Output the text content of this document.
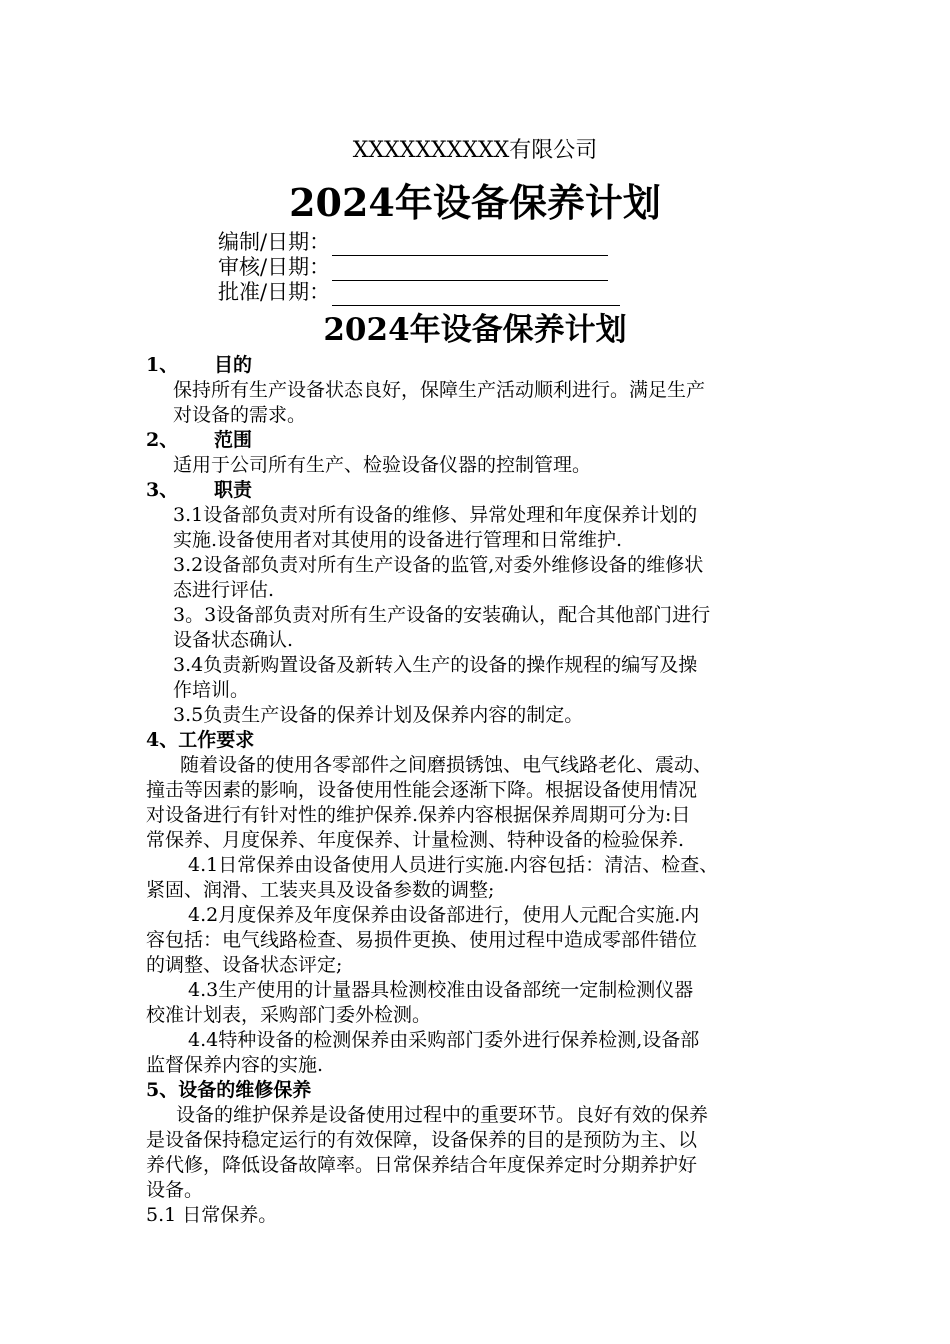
XXXXXXXXXX有限公司
2024年设备保养计划
编制/日期：
审核/日期：
批准/日期：
2024年设备保养计划
1、 目的
保持所有生产设备状态良好，保障生产活动顺利进行。满足生产
对设备的需求。
2、 范围
适用于公司所有生产、检验设备仪器的控制管理。
3、 职责
3.1设备部负责对所有设备的维修、异常处理和年度保养计划的
实施.设备使用者对其使用的设备进行管理和日常维护.
3.2设备部负责对所有生产设备的监管,对委外维修设备的维修状
态进行评估.
3。3设备部负责对所有生产设备的安装确认，配合其他部门进行
设备状态确认.
3.4负责新购置设备及新转入生产的设备的操作规程的编写及操
作培训。
3.5负责生产设备的保养计划及保养内容的制定。
4、工作要求
随着设备的使用各零部件之间磨损锈蚀、电气线路老化、震动、
撞击等因素的影响，设备使用性能会逐渐下降。根据设备使用情况
对设备进行有针对性的维护保养.保养内容根据保养周期可分为:日
常保养、月度保养、年度保养、计量检测、特种设备的检验保养.
4.1日常保养由设备使用人员进行实施.内容包括：清洁、检查、
紧固、润滑、工装夹具及设备参数的调整;
4.2月度保养及年度保养由设备部进行，使用人元配合实施.内
容包括：电气线路检查、易损件更换、使用过程中造成零部件错位
的调整、设备状态评定;
4.3生产使用的计量器具检测校准由设备部统一定制检测仪器
校准计划表，采购部门委外检测。
4.4特种设备的检测保养由采购部门委外进行保养检测,设备部
监督保养内容的实施.
5、设备的维修保养
设备的维护保养是设备使用过程中的重要环节。良好有效的保养
是设备保持稳定运行的有效保障，设备保养的目的是预防为主、以
养代修，降低设备故障率。日常保养结合年度保养定时分期养护好
设备。
5.1 日常保养。
